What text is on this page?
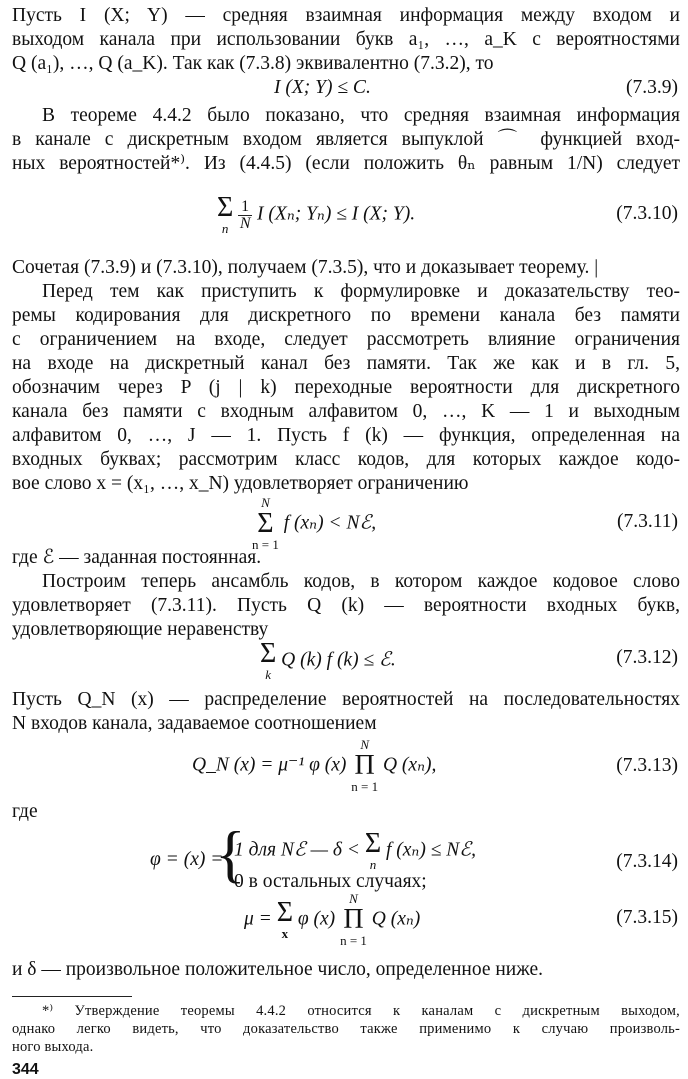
Пусть I (X; Y) — средняя взаимная информация между входом и
выходом канала при использовании букв a₁, …, a_K с вероятностями
Q (a₁), …, Q (a_K). Так как (7.3.8) эквивалентно (7.3.2), то
I (X; Y) ≤ C.	(7.3.9)
В теореме 4.4.2 было показано, что средняя взаимная информация
в канале с дискретным входом является выпуклой ⌒ функцией вход-
ных вероятностей*⁾. Из (4.4.5) (если положить θₙ равным 1/N) следует
Σ
n
$\frac{1}{N}$ I (Xₙ; Yₙ) ≤ I (X; Y).	(7.3.10)
Сочетая (7.3.9) и (7.3.10), получаем (7.3.5), что и доказывает теорему. |
Перед тем как приступить к формулировке и доказательству тео-
ремы кодирования для дискретного по времени канала без памяти
с ограничением на входе, следует рассмотреть влияние ограничения
на входе на дискретный канал без памяти. Так же как и в гл. 5,
обозначим через P (j | k) переходные вероятности для дискретного
канала без памяти с входным алфавитом 0, …, K — 1 и выходным
алфавитом 0, …, J — 1. Пусть f (k) — функция, определенная на
входных буквах; рассмотрим класс кодов, для которых каждое кодо-
вое слово x = (x₁, …, x_N) удовлетворяет ограничению
N
Σ
n = 1
f (xₙ) < Nℰ,	(7.3.11)
где ℰ — заданная постоянная.
Построим теперь ансамбль кодов, в котором каждое кодовое слово
удовлетворяет (7.3.11). Пусть Q (k) — вероятности входных букв,
удовлетворяющие неравенству
Σ
k
Q (k) f (k) ≤ ℰ.	(7.3.12)
Пусть Q_N (x) — распределение вероятностей на последовательностях
N входов канала, задаваемое соотношением
Q_N (x) = μ⁻¹ φ (x)
N
Π
n = 1
Q (xₙ),	(7.3.13)
где
φ = (x) =
{
1 для Nℰ — δ < Σ
n
f (xₙ) ≤ Nℰ,
0 в остальных случаях;
(7.3.14)
μ = Σ
x
φ (x)
N
Π
n = 1
Q (xₙ)	(7.3.15)
и δ — произвольное положительное число, определенное ниже.
*⁾ Утверждение теоремы 4.4.2 относится к каналам с дискретным выходом,
однако легко видеть, что доказательство также применимо к случаю произволь-
ного выхода.
344
